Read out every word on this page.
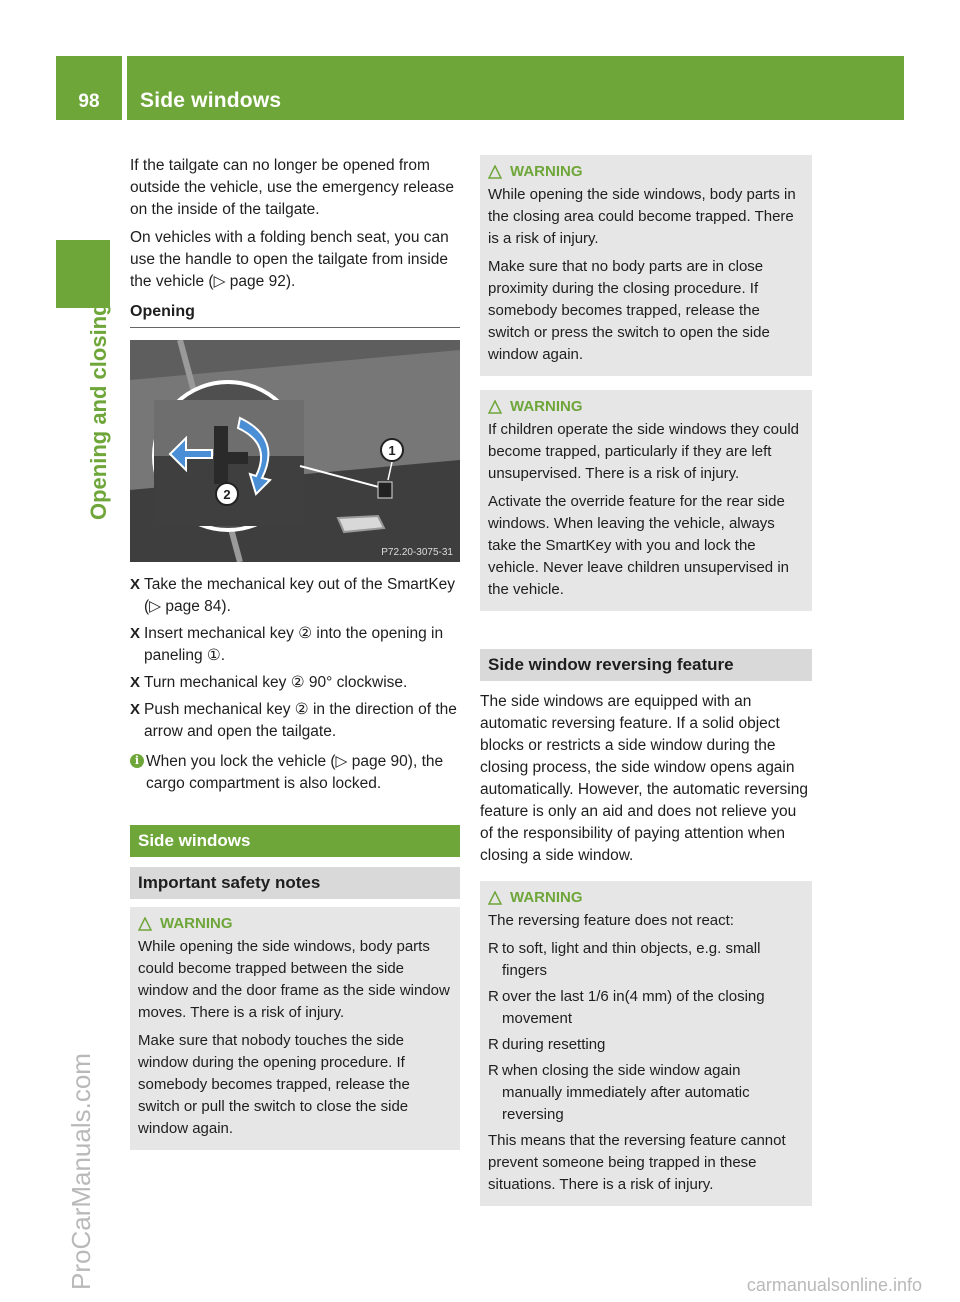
98	Side windows
Opening and closing
ProCarManuals.com

If the tailgate can no longer be opened from outside the vehicle, use the emergency release on the inside of the tailgate.

On vehicles with a folding bench seat, you can use the handle to open the tailgate from inside the vehicle (▷ page 92).

Opening
1
2
P72.20-3075-31
X Take the mechanical key out of the SmartKey (▷ page 84).
X Insert mechanical key ② into the opening in paneling ①.
X Turn mechanical key ② 90° clockwise.
X Push mechanical key ② in the direction of the arrow and open the tailgate.
i When you lock the vehicle (▷ page 90), the cargo compartment is also locked.
Side windows
Important safety notes
WARNING

While opening the side windows, body parts could become trapped between the side window and the door frame as the side window moves. There is a risk of injury.

Make sure that nobody touches the side window during the opening procedure. If somebody becomes trapped, release the switch or pull the switch to close the side window again.

WARNING

While opening the side windows, body parts in the closing area could become trapped. There is a risk of injury.

Make sure that no body parts are in close proximity during the closing procedure. If somebody becomes trapped, release the switch or press the switch to open the side window again.

WARNING

If children operate the side windows they could become trapped, particularly if they are left unsupervised. There is a risk of injury.

Activate the override feature for the rear side windows. When leaving the vehicle, always take the SmartKey with you and lock the vehicle. Never leave children unsupervised in the vehicle.

Side window reversing feature

The side windows are equipped with an automatic reversing feature. If a solid object blocks or restricts a side window during the closing process, the side window opens again automatically. However, the automatic reversing feature is only an aid and does not relieve you of the responsibility of paying attention when closing a side window.

WARNING

The reversing feature does not react:

R to soft, light and thin objects, e.g. small fingers
R over the last 1/6 in(4 mm) of the closing movement
R during resetting
R when closing the side window again manually immediately after automatic reversing

This means that the reversing feature cannot prevent someone being trapped in these situations. There is a risk of injury.

carmanualsonline.info
